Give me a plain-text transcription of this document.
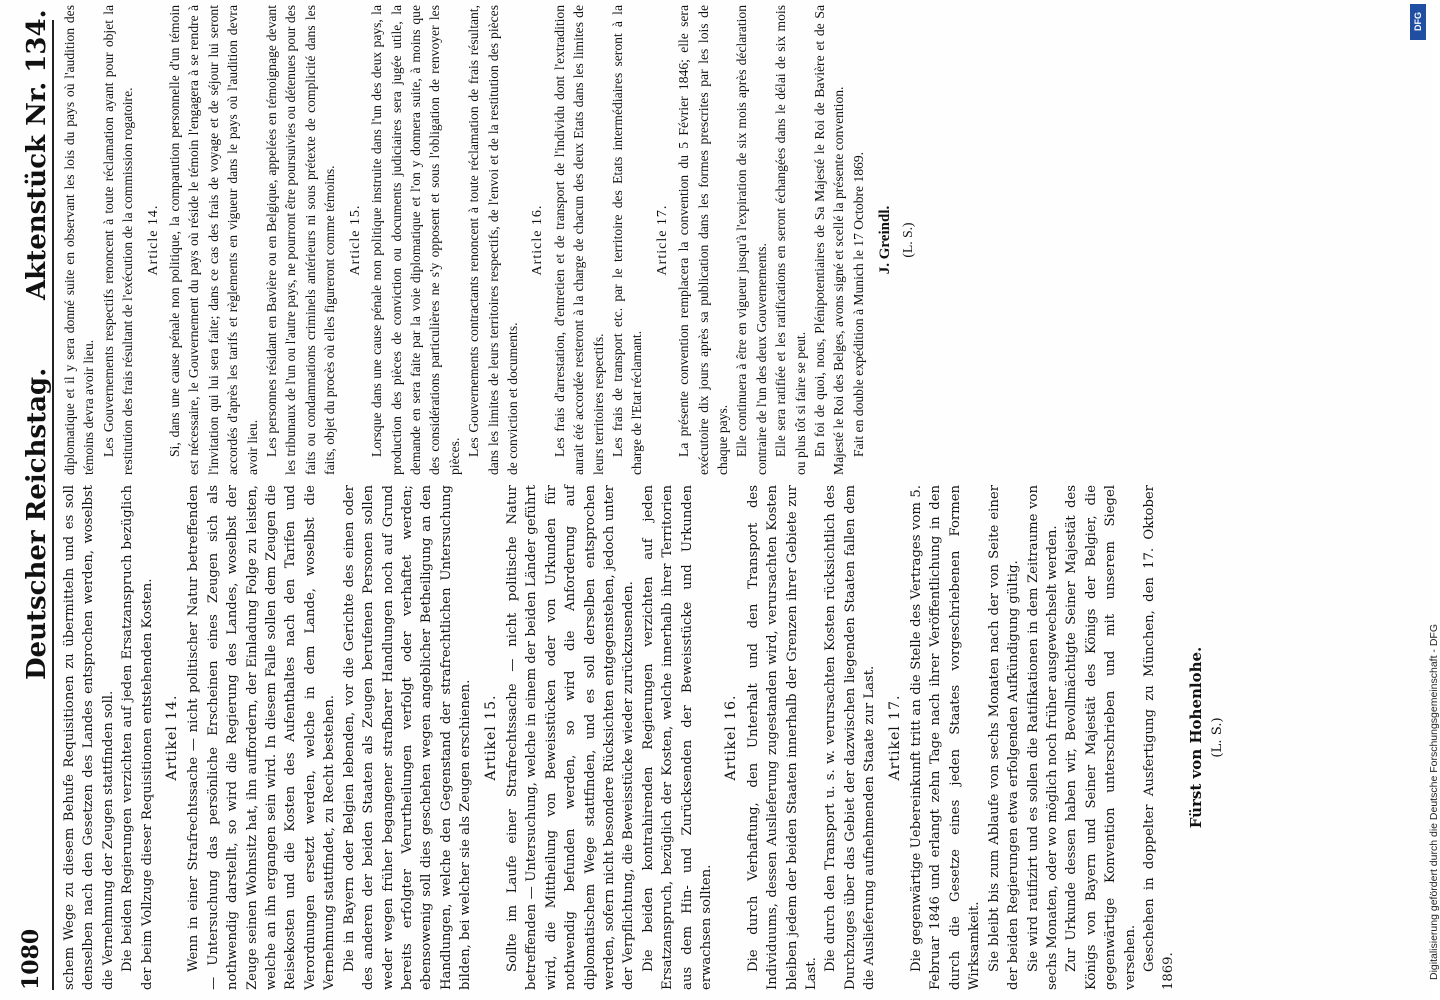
1080
Deutscher Reichstag.
Aktenstück Nr. 134.

schem Wege zu diesem Behufe Requisitionen zu übermitteln und es soll denselben nach den Gesetzen des Landes entsprochen werden, woselbst die Vernehmung der Zeugen stattfinden soll. Die beiden Regierungen verzichten auf jeden Ersatzanspruch bezüglich der beim Vollzuge dieser Requisitionen entstehenden Kosten. Artikel 14. Wenn in einer Strafrechtssache — nicht politischer Natur betreffenden — Untersuchung das persönliche Erscheinen eines Zeugen sich als nothwendig darstellt, so wird die Regierung des Landes, woselbst der Zeuge seinen Wohnsitz hat, ihn auffordern, der Einladung Folge zu leisten, welche an ihn ergangen sein wird. In diesem Falle sollen dem Zeugen die Reisekosten und die Kosten des Aufenthaltes nach den Tarifen und Verordnungen ersetzt werden, welche in dem Lande, woselbst die Vernehmung stattfindet, zu Recht bestehen. Die in Bayern oder Belgien lebenden, vor die Gerichte des einen oder des anderen der beiden Staaten als Zeugen berufenen Personen sollen weder wegen früher begangener strafbarer Handlungen noch auf Grund bereits erfolgter Verurtheilungen verfolgt oder verhaftet werden; ebensowenig soll dies geschehen wegen angeblicher Betheiligung an den Handlungen, welche den Gegenstand der strafrechtlichen Untersuchung bilden, bei welcher sie als Zeugen erschienen. Artikel 15. Sollte im Laufe einer Strafrechtssache — nicht politische Natur betreffenden — Untersuchung, welche in einem der beiden Länder geführt wird, die Mittheilung von Beweisstücken oder von Urkunden für nothwendig befunden werden, so wird die Anforderung auf diplomatischem Wege stattfinden, und es soll derselben entsprochen werden, sofern nicht besondere Rücksichten entgegenstehen, jedoch unter der Verpflichtung, die Beweisstücke wieder zurückzusenden. Die beiden kontrahirenden Regierungen verzichten auf jeden Ersatzanspruch, bezüglich der Kosten, welche innerhalb ihrer Territorien aus dem Hin- und Zurücksenden der Beweisstücke und Urkunden erwachsen sollten.

Artikel 16. Die durch Verhaftung, den Unterhalt und den Transport des Individuums, dessen Auslieferung zugestanden wird, verursachten Kosten bleiben jedem der beiden Staaten innerhalb der Grenzen ihrer Gebiete zur Last.

Die durch den Transport u. s. w. verursachten Kosten rücksichtlich des Durchzuges über das Gebiet der dazwischen liegenden Staaten fallen dem die Auslieferung aufnehmenden Staate zur Last. Artikel 17. Die gegenwärtige Uebereinkunft tritt an die Stelle des Vertrages vom 5. Februar 1846 und erlangt zehn Tage nach ihrer Veröffentlichung in den durch die Gesetze eines jeden Staates vorgeschriebenen Formen Wirksamkeit. Sie bleibt bis zum Ablaufe von sechs Monaten nach der von Seite einer der beiden Regierungen etwa erfolgenden Aufkündigung gültig. Sie wird ratifizirt und es sollen die Ratifikationen in dem Zeitraume von sechs Monaten, oder wo möglich noch früher ausgewechselt werden. Zur Urkunde dessen haben wir, Bevollmächtigte Seiner Majestät des Königs von Bayern und Seiner Majestät des Königs der Belgier, die gegenwärtige Konvention unterschrieben und mit unserem Siegel versehen. Geschehen in doppelter Ausfertigung zu München, den 17. Oktober 1869.

Fürst von Hohenlohe. (L. S.)

diplomatique et il y sera donné suite en observant les lois du pays où l'audition des témoins devra avoir lieu. Les Gouvernements respectifs renoncent à toute réclamation ayant pour objet la restitution des frais résultant de l'exécution de la commission rogatoire. Article 14. Si, dans une cause pénale non politique, la comparution personnelle d'un témoin est nécessaire, le Gouvernement du pays où réside le témoin l'engagera à se rendre à l'invitation qui lui sera faite; dans ce cas des frais de voyage et de séjour lui seront accordés d'après les tarifs et règlements en vigueur dans le pays où l'audition devra avoir lieu. Les personnes résidant en Bavière ou en Belgique, appelées en témoignage devant les tribunaux de l'un ou l'autre pays, ne pourront être poursuivies ou détenues pour des faits ou condamnations criminels antérieurs ni sous prétexte de complicité dans les faits, objet du procès où elles figureront comme témoins. Article 15. Lorsque dans une cause pénale non politique instruite dans l'un des deux pays, la production des pièces de conviction ou documents judiciaires sera jugée utile, la demande en sera faite par la voie diplomatique et l'on y donnera suite, à moins que des considérations particulières ne s'y opposent et sous l'obligation de renvoyer les pièces. Les Gouvernements contractants renoncent à toute réclamation de frais résultant, dans les limites de leurs territoires respectifs, de l'envoi et de la restitution des pièces de conviction et documents.

Article 16. Les frais d'arrestation, d'entretien et de transport de l'individu dont l'extradition aurait été accordée resteront à la charge de chacun des deux Etats dans les limites de leurs territoires respectifs. Les frais de transport etc. par le territoire des Etats intermédiaires seront à la charge de l'Etat réclamant.

Article 17. La présente convention remplacera la convention du 5 Février 1846; elle sera exécutoire dix jours après sa publication dans les formes prescrites par les lois de chaque pays. Elle continuera à être en vigueur jusqu'à l'expiration de six mois après déclaration contraire de l'un des deux Gouvernements. Elle sera ratifiée et les ratifications en seront échangées dans le délai de six mois ou plus tôt si faire se peut. En foi de quoi, nous, Plénipotentiaires de Sa Majesté le Roi de Bavière et de Sa Majesté le Roi des Belges, avons signé et scellé la présente convention. Fait en double expédition à Munich le 17 Octobre 1869. J. Greindl. (L. S.)
Digitalisierung gefördert durch die Deutsche Forschungsgemeinschaft - DFG
DFG
